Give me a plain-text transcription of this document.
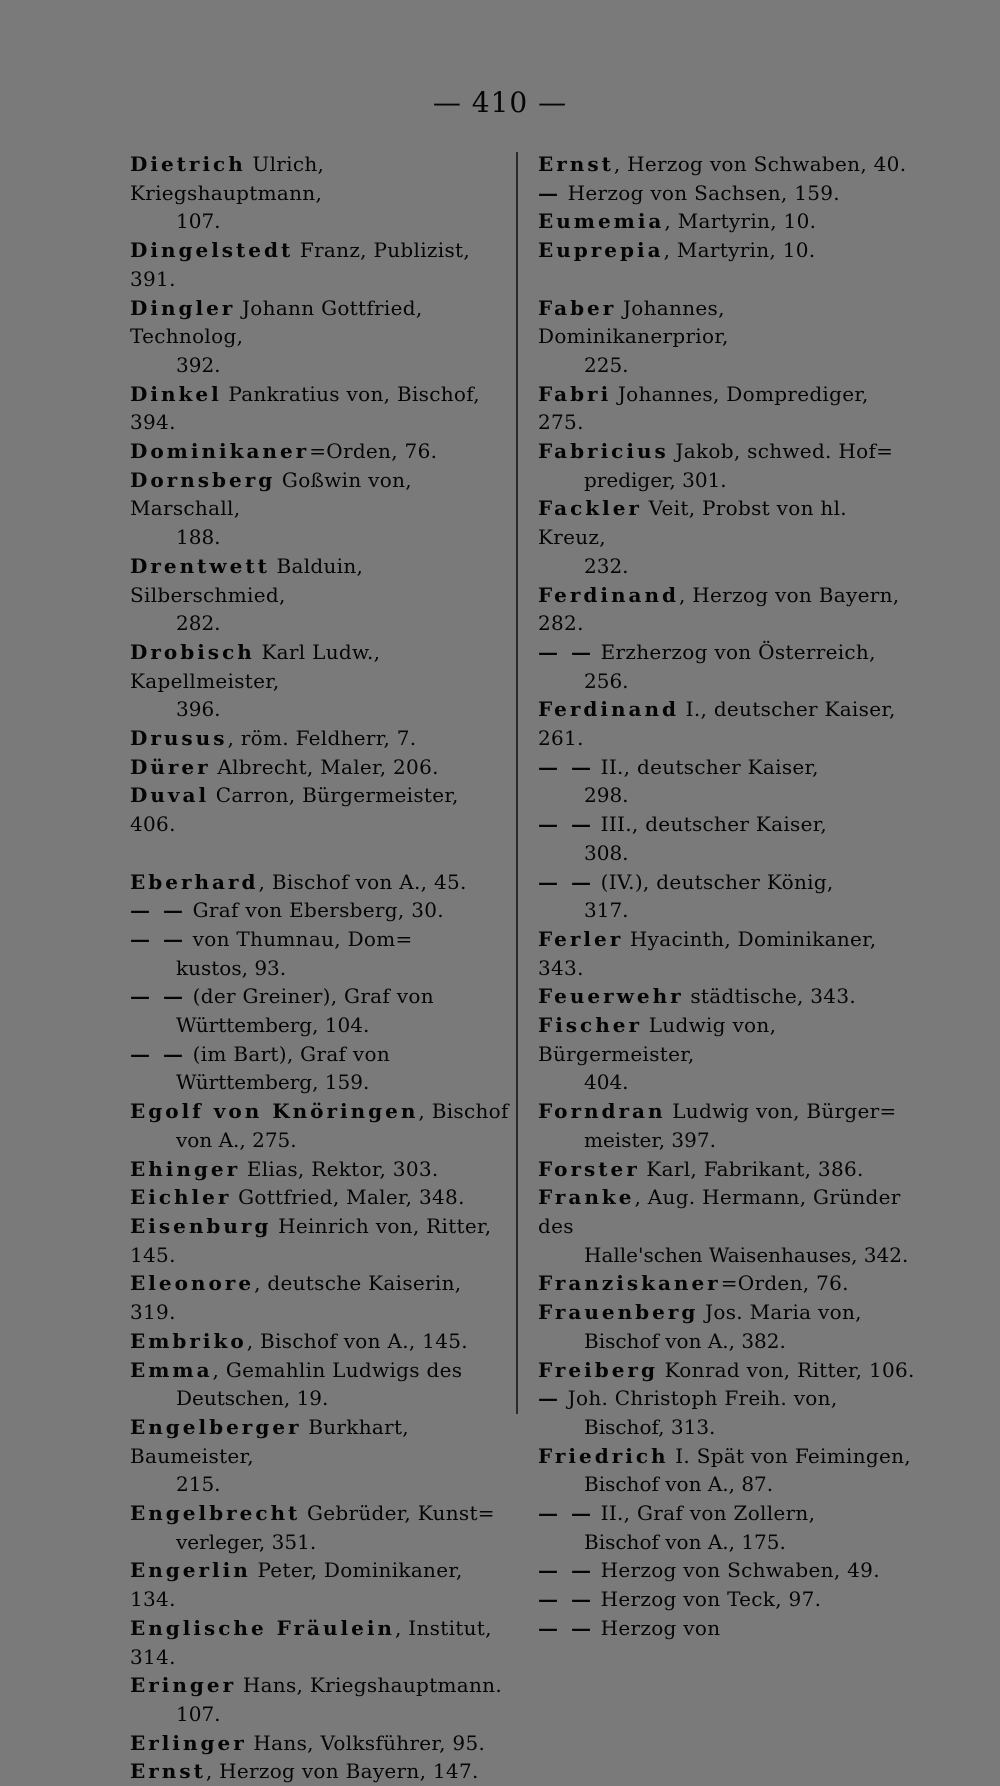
— 410 —

Dietrich Ulrich, Kriegshauptmann,
107.

Dingelstedt Franz, Publizist, 391.

Dingler Johann Gottfried, Technolog,
392.

Dinkel Pankratius von, Bischof, 394.

Dominikaner=Orden, 76.

Dornsberg Goßwin von, Marschall,
188.

Drentwett Balduin, Silberschmied,
282.

Drobisch Karl Ludw., Kapellmeister,
396.

Drusus, röm. Feldherr, 7.

Dürer Albrecht, Maler, 206.

Duval Carron, Bürgermeister, 406.

Eberhard, Bischof von A., 45.

— — Graf von Ebersberg, 30.

— — von Thumnau, Dom=
kustos, 93.

— — (der Greiner), Graf von
Württemberg, 104.

— — (im Bart), Graf von
Württemberg, 159.

Egolf von Knöringen, Bischof
von A., 275.

Ehinger Elias, Rektor, 303.

Eichler Gottfried, Maler, 348.

Eisenburg Heinrich von, Ritter, 145.

Eleonore, deutsche Kaiserin, 319.

Embriko, Bischof von A., 145.

Emma, Gemahlin Ludwigs des
Deutschen, 19.

Engelberger Burkhart, Baumeister,
215.

Engelbrecht Gebrüder, Kunst=
verleger, 351.

Engerlin Peter, Dominikaner, 134.

Englische Fräulein, Institut, 314.

Eringer Hans, Kriegshauptmann.
107.

Erlinger Hans, Volksführer, 95.

Ernst, Herzog von Bayern, 147.

Ernst, Herzog von Schwaben, 40.

— Herzog von Sachsen, 159.

Eumemia, Martyrin, 10.

Euprepia, Martyrin, 10.

Faber Johannes, Dominikanerprior,
225.

Fabri Johannes, Domprediger, 275.

Fabricius Jakob, schwed. Hof=
prediger, 301.

Fackler Veit, Probst von hl. Kreuz,
232.

Ferdinand, Herzog von Bayern, 282.

— — Erzherzog von Österreich,
256.

Ferdinand I., deutscher Kaiser, 261.

— — II., deutscher Kaiser,
298.

— — III., deutscher Kaiser,
308.

— — (IV.), deutscher König,
317.

Ferler Hyacinth, Dominikaner, 343.

Feuerwehr städtische, 343.

Fischer Ludwig von, Bürgermeister,
404.

Forndran Ludwig von, Bürger=
meister, 397.

Forster Karl, Fabrikant, 386.

Franke, Aug. Hermann, Gründer des
Halle'schen Waisenhauses, 342.

Franziskaner=Orden, 76.

Frauenberg Jos. Maria von,
Bischof von A., 382.

Freiberg Konrad von, Ritter, 106.

— Joh. Christoph Freih. von,
Bischof, 313.

Friedrich I. Spät von Feimingen,
Bischof von A., 87.

— — II., Graf von Zollern,
Bischof von A., 175.

— — Herzog von Schwaben, 49.

— — Herzog von Teck, 97.

— — Herzog von
